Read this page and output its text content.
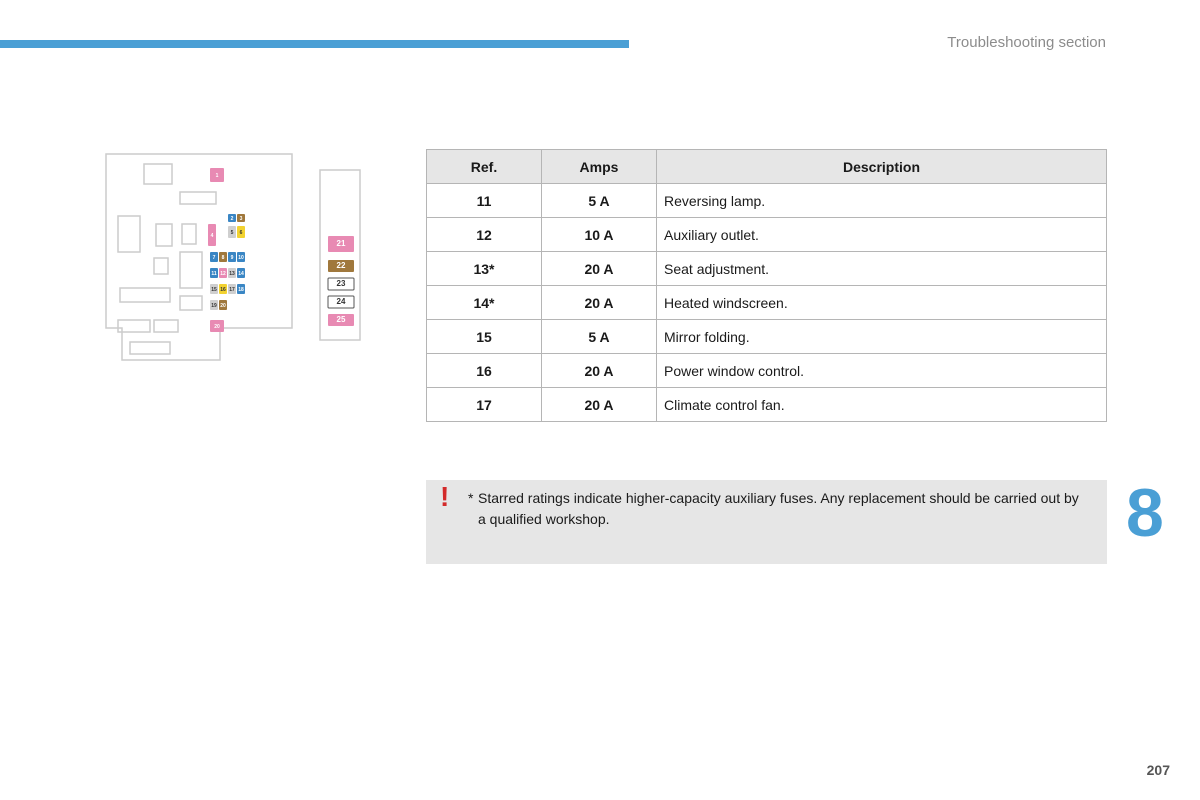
Troubleshooting section
1
4
2 3
5 6
7 8 9 10
11 12 13 14
15 16 17 18
19 20
20
21
22
23
24
25
Ref.	Amps	Description
11	5 A	Reversing lamp.
12	10 A	Auxiliary outlet.
13*	20 A	Seat adjustment.
14*	20 A	Heated windscreen.
15	5 A	Mirror folding.
16	20 A	Power window control.
17	20 A	Climate control fan.
! * Starred ratings indicate higher-capacity auxiliary fuses. Any replacement should be carried out by a qualified workshop.	8
207
